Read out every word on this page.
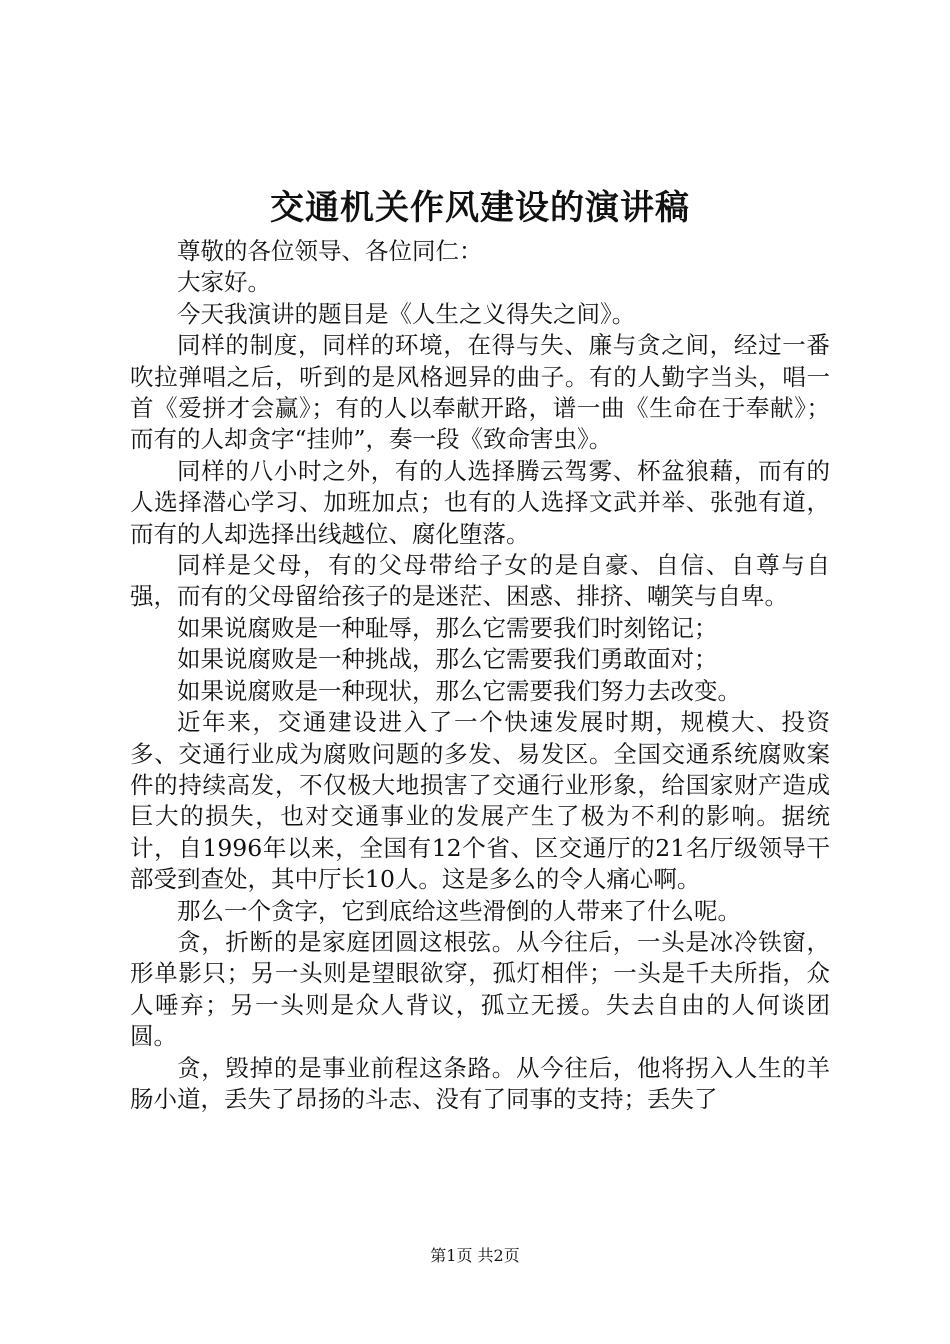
交通机关作风建设的演讲稿

尊敬的各位领导、各位同仁：

大家好。

今天我演讲的题目是《人生之义得失之间》。

同样的制度，同样的环境，在得与失、廉与贪之间，经过一番吹拉弹唱之后，听到的是风格迥异的曲子。有的人勤字当头，唱一首《爱拼才会赢》；有的人以奉献开路，谱一曲《生命在于奉献》；而有的人却贪字“挂帅”，奏一段《致命害虫》。

同样的八小时之外，有的人选择腾云驾雾、杯盆狼藉，而有的人选择潜心学习、加班加点；也有的人选择文武并举、张弛有道，而有的人却选择出线越位、腐化堕落。

同样是父母，有的父母带给子女的是自豪、自信、自尊与自强，而有的父母留给孩子的是迷茫、困惑、排挤、嘲笑与自卑。

如果说腐败是一种耻辱，那么它需要我们时刻铭记；

如果说腐败是一种挑战，那么它需要我们勇敢面对；

如果说腐败是一种现状，那么它需要我们努力去改变。

近年来，交通建设进入了一个快速发展时期，规模大、投资多、交通行业成为腐败问题的多发、易发区。全国交通系统腐败案件的持续高发，不仅极大地损害了交通行业形象，给国家财产造成巨大的损失，也对交通事业的发展产生了极为不利的影响。据统计，自1996年以来，全国有12个省、区交通厅的21名厅级领导干部受到查处，其中厅长10人。这是多么的令人痛心啊。

那么一个贪字，它到底给这些滑倒的人带来了什么呢。

贪，折断的是家庭团圆这根弦。从今往后，一头是冰冷铁窗，形单影只；另一头则是望眼欲穿，孤灯相伴；一头是千夫所指，众人唾弃；另一头则是众人背议，孤立无援。失去自由的人何谈团圆。

贪，毁掉的是事业前程这条路。从今往后，他将拐入人生的羊肠小道，丢失了昂扬的斗志、没有了同事的支持；丢失了

第1页 共2页
